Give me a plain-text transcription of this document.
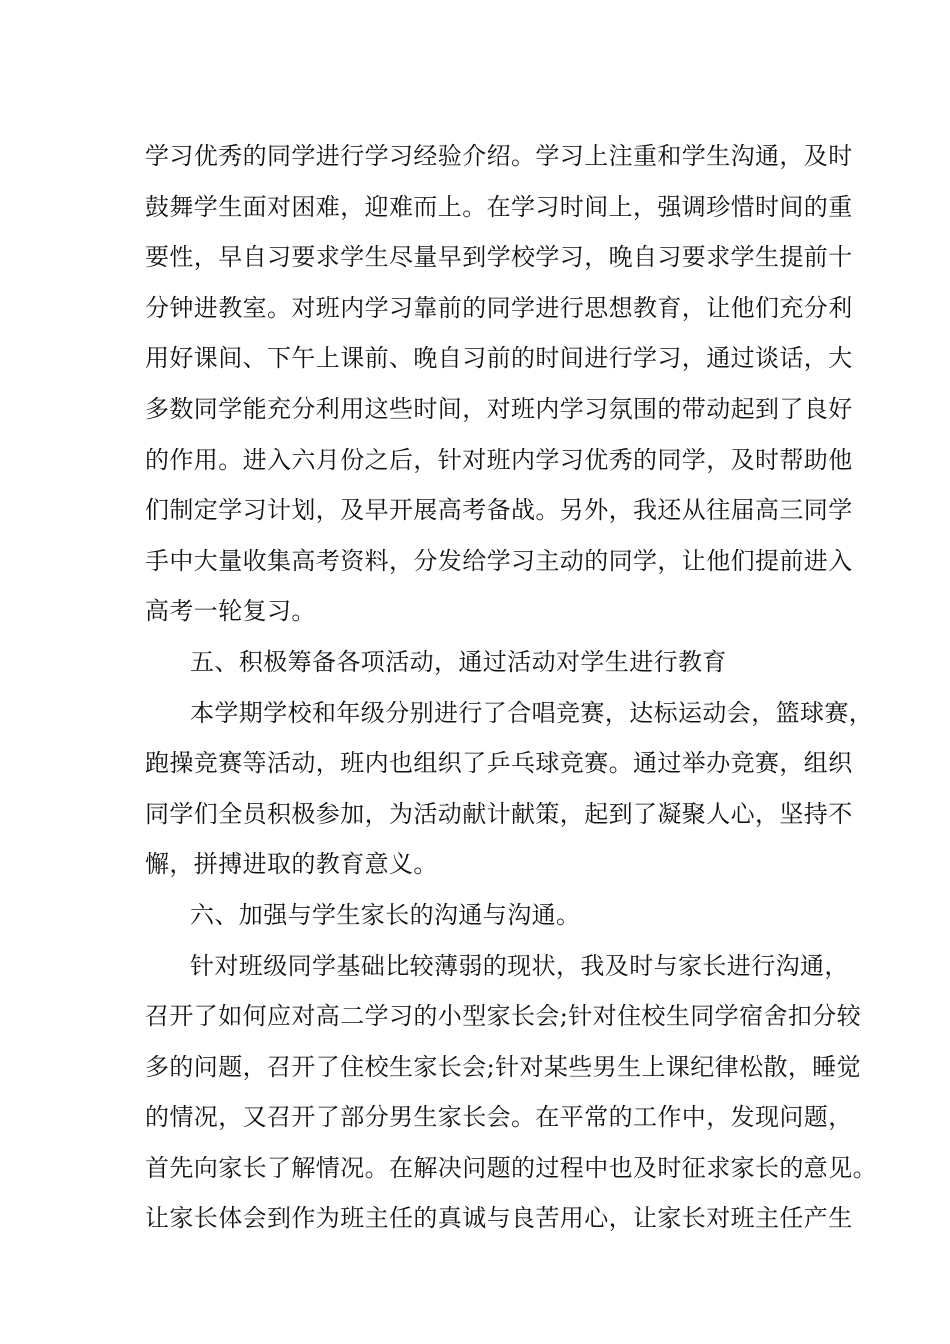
学习优秀的同学进行学习经验介绍。学习上注重和学生沟通，及时
鼓舞学生面对困难，迎难而上。在学习时间上，强调珍惜时间的重
要性，早自习要求学生尽量早到学校学习，晚自习要求学生提前十
分钟进教室。对班内学习靠前的同学进行思想教育，让他们充分利
用好课间、下午上课前、晚自习前的时间进行学习，通过谈话，大
多数同学能充分利用这些时间，对班内学习氛围的带动起到了良好
的作用。进入六月份之后，针对班内学习优秀的同学，及时帮助他
们制定学习计划，及早开展高考备战。另外，我还从往届高三同学
手中大量收集高考资料，分发给学习主动的同学，让他们提前进入
高考一轮复习。
五、积极筹备各项活动，通过活动对学生进行教育
本学期学校和年级分别进行了合唱竞赛，达标运动会，篮球赛，
跑操竞赛等活动，班内也组织了乒乓球竞赛。通过举办竞赛，组织
同学们全员积极参加，为活动献计献策，起到了凝聚人心，坚持不
懈，拼搏进取的教育意义。
六、加强与学生家长的沟通与沟通。
针对班级同学基础比较薄弱的现状，我及时与家长进行沟通，
召开了如何应对高二学习的小型家长会;针对住校生同学宿舍扣分较
多的问题，召开了住校生家长会;针对某些男生上课纪律松散，睡觉
的情况，又召开了部分男生家长会。在平常的工作中，发现问题，
首先向家长了解情况。在解决问题的过程中也及时征求家长的意见。
让家长体会到作为班主任的真诚与良苦用心，让家长对班主任产生
